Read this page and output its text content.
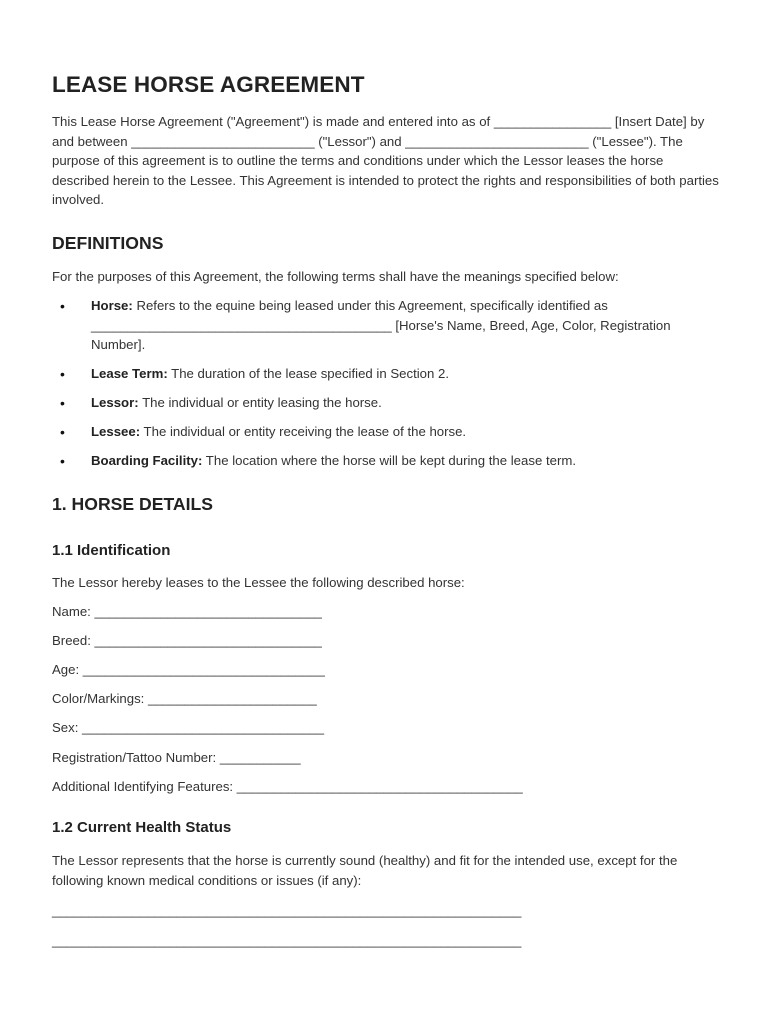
LEASE HORSE AGREEMENT

This Lease Horse Agreement ("Agreement") is made and entered into as of ________________ [Insert Date] by and between _________________________ ("Lessor") and _________________________ ("Lessee"). The purpose of this agreement is to outline the terms and conditions under which the Lessor leases the horse described herein to the Lessee. This Agreement is intended to protect the rights and responsibilities of both parties involved.

DEFINITIONS

For the purposes of this Agreement, the following terms shall have the meanings specified below:

• Horse: Refers to the equine being leased under this Agreement, specifically identified as _________________________________________ [Horse's Name, Breed, Age, Color, Registration Number].
• Lease Term: The duration of the lease specified in Section 2.
• Lessor: The individual or entity leasing the horse.
• Lessee: The individual or entity receiving the lease of the horse.
• Boarding Facility: The location where the horse will be kept during the lease term.
1. HORSE DETAILS
1.1 Identification

The Lessor hereby leases to the Lessee the following described horse:

Name: _______________________________

Breed: _______________________________

Age: _________________________________

Color/Markings: _______________________

Sex: _________________________________

Registration/Tattoo Number: ___________

Additional Identifying Features: _______________________________________

1.2 Current Health Status

The Lessor represents that the horse is currently sound (healthy) and fit for the intended use, except for the following known medical conditions or issues (if any):

________________________________________________________________

________________________________________________________________
